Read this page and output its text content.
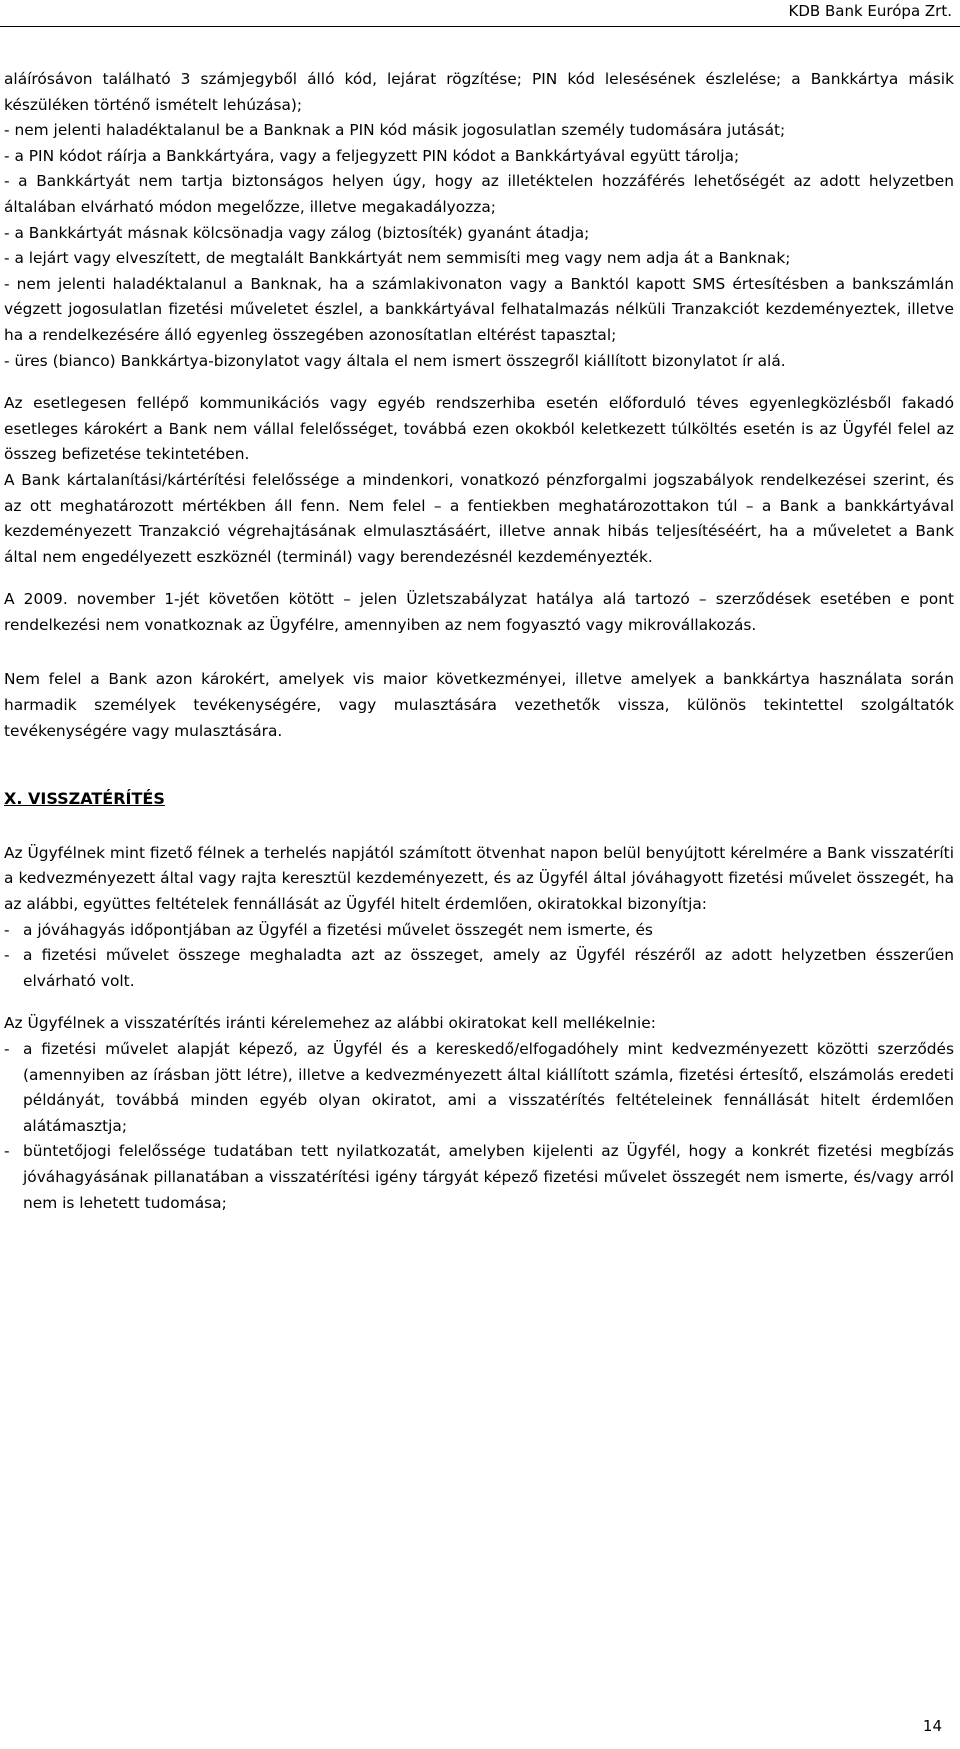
KDB Bank Európa Zrt.

aláírósávon található 3 számjegyből álló kód, lejárat rögzítése; PIN kód lelesésének észlelése; a Bankkártya másik készüléken történő ismételt lehúzása);

- nem jelenti haladéktalanul be a Banknak a PIN kód másik jogosulatlan személy tudomására jutását;

- a PIN kódot ráírja a Bankkártyára, vagy a feljegyzett PIN kódot a Bankkártyával együtt tárolja;

- a Bankkártyát nem tartja biztonságos helyen úgy, hogy az illetéktelen hozzáférés lehetőségét az adott helyzetben általában elvárható módon megelőzze, illetve megakadályozza;

- a Bankkártyát másnak kölcsönadja vagy zálog (biztosíték) gyanánt átadja;

- a lejárt vagy elveszített, de megtalált Bankkártyát nem semmisíti meg vagy nem adja át a Banknak;

- nem jelenti haladéktalanul a Banknak, ha a számlakivonaton vagy a Banktól kapott SMS értesítésben a bankszámlán végzett jogosulatlan fizetési műveletet észlel, a bankkártyával felhatalmazás nélküli Tranzakciót kezdeményeztek, illetve ha a rendelkezésére álló egyenleg összegében azonosítatlan eltérést tapasztal;

- üres (bianco) Bankkártya-bizonylatot vagy általa el nem ismert összegről kiállított bizonylatot ír alá.

Az esetlegesen fellépő kommunikációs vagy egyéb rendszerhiba esetén előforduló téves egyenlegközlésből fakadó esetleges károkért a Bank nem vállal felelősséget, továbbá ezen okokból keletkezett túlköltés esetén is az Ügyfél felel az összeg befizetése tekintetében.

A Bank kártalanítási/kártérítési felelőssége a mindenkori, vonatkozó pénzforgalmi jogszabályok rendelkezései szerint, és az ott meghatározott mértékben áll fenn. Nem felel – a fentiekben meghatározottakon túl – a Bank a bankkártyával kezdeményezett Tranzakció végrehajtásának elmulasztásáért, illetve annak hibás teljesítéséért, ha a műveletet a Bank által nem engedélyezett eszköznél (terminál) vagy berendezésnél kezdeményezték.

A 2009. november 1-jét követően kötött – jelen Üzletszabályzat hatálya alá tartozó – szerződések esetében e pont rendelkezési nem vonatkoznak az Ügyfélre, amennyiben az nem fogyasztó vagy mikrovállakozás.

Nem felel a Bank azon károkért, amelyek vis maior következményei, illetve amelyek a bankkártya használata során harmadik személyek tevékenységére, vagy mulasztására vezethetők vissza, különös tekintettel szolgáltatók tevékenységére vagy mulasztására.

X. VISSZATÉRÍTÉS

Az Ügyfélnek mint fizető félnek a terhelés napjától számított ötvenhat napon belül benyújtott kérelmére a Bank visszatéríti a kedvezményezett által vagy rajta keresztül kezdeményezett, és az Ügyfél által jóváhagyott fizetési művelet összegét, ha az alábbi, együttes feltételek fennállását az Ügyfél hitelt érdemlően, okiratokkal bizonyítja:

- a jóváhagyás időpontjában az Ügyfél a fizetési művelet összegét nem ismerte, és
- a fizetési művelet összege meghaladta azt az összeget, amely az Ügyfél részéről az adott helyzetben ésszerűen elvárható volt.

Az Ügyfélnek a visszatérítés iránti kérelemehez az alábbi okiratokat kell mellékelnie:

- a fizetési művelet alapját képező, az Ügyfél és a kereskedő/elfogadóhely mint kedvezményezett közötti szerződés (amennyiben az írásban jött létre), illetve a kedvezményezett által kiállított számla, fizetési értesítő, elszámolás eredeti példányát, továbbá minden egyéb olyan okiratot, ami a visszatérítés feltételeinek fennállását hitelt érdemlően alátámasztja;
- büntetőjogi felelőssége tudatában tett nyilatkozatát, amelyben kijelenti az Ügyfél, hogy a konkrét fizetési megbízás jóváhagyásának pillanatában a visszatérítési igény tárgyát képező fizetési művelet összegét nem ismerte, és/vagy arról nem is lehetett tudomása;
14
